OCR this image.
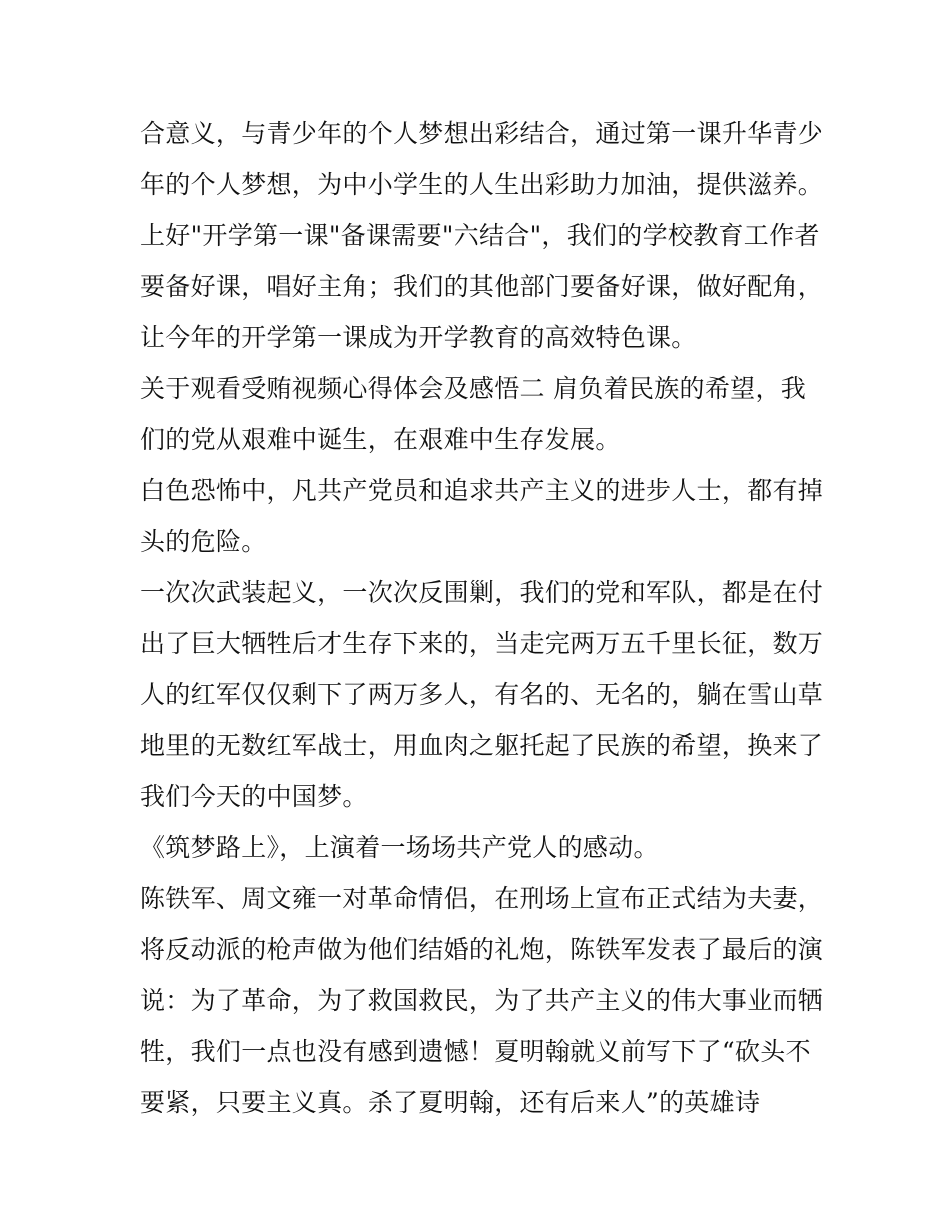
合意义，与青少年的个人梦想出彩结合，通过第一课升华青少
年的个人梦想，为中小学生的人生出彩助力加油，提供滋养。
上好"开学第一课"备课需要"六结合"，我们的学校教育工作者
要备好课，唱好主角；我们的其他部门要备好课，做好配角，
让今年的开学第一课成为开学教育的高效特色课。
关于观看受贿视频心得体会及感悟二 肩负着民族的希望，我
们的党从艰难中诞生，在艰难中生存发展。
白色恐怖中，凡共产党员和追求共产主义的进步人士，都有掉
头的危险。
一次次武装起义，一次次反围剿，我们的党和军队，都是在付
出了巨大牺牲后才生存下来的，当走完两万五千里长征，数万
人的红军仅仅剩下了两万多人，有名的、无名的，躺在雪山草
地里的无数红军战士，用血肉之躯托起了民族的希望，换来了
我们今天的中国梦。
《筑梦路上》，上演着一场场共产党人的感动。
陈铁军、周文雍一对革命情侣，在刑场上宣布正式结为夫妻，
将反动派的枪声做为他们结婚的礼炮，陈铁军发表了最后的演
说：为了革命，为了救国救民，为了共产主义的伟大事业而牺
牲，我们一点也没有感到遗憾！夏明翰就义前写下了“砍头不
要紧，只要主义真。杀了夏明翰，还有后来人”的英雄诗
